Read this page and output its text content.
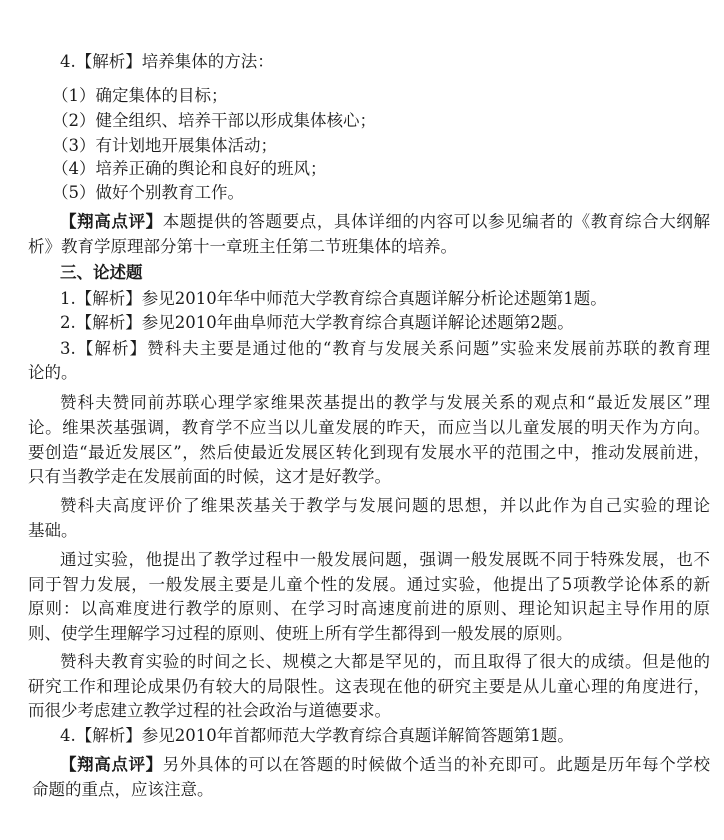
4.【解析】培养集体的方法：
（1）确定集体的目标；
（2）健全组织、培养干部以形成集体核心；
（3）有计划地开展集体活动；
（4）培养正确的舆论和良好的班风；
（5）做好个别教育工作。
【翔高点评】本题提供的答题要点，具体详细的内容可以参见编者的《教育综合大纲解
析》教育学原理部分第十一章班主任第二节班集体的培养。
三、论述题
1.【解析】参见2010年华中师范大学教育综合真题详解分析论述题第1题。
2.【解析】参见2010年曲阜师范大学教育综合真题详解论述题第2题。
3.【解析】赞科夫主要是通过他的“教育与发展关系问题”实验来发展前苏联的教育理
论的。
赞科夫赞同前苏联心理学家维果茨基提出的教学与发展关系的观点和“最近发展区”理
论。维果茨基强调，教育学不应当以儿童发展的昨天，而应当以儿童发展的明天作为方向。
要创造“最近发展区”，然后使最近发展区转化到现有发展水平的范围之中，推动发展前进，
只有当教学走在发展前面的时候，这才是好教学。
赞科夫高度评价了维果茨基关于教学与发展问题的思想，并以此作为自己实验的理论
基础。
通过实验，他提出了教学过程中一般发展问题，强调一般发展既不同于特殊发展，也不
同于智力发展，一般发展主要是儿童个性的发展。通过实验，他提出了5项教学论体系的新
原则：以高难度进行教学的原则、在学习时高速度前进的原则、理论知识起主导作用的原
则、使学生理解学习过程的原则、使班上所有学生都得到一般发展的原则。
赞科夫教育实验的时间之长、规模之大都是罕见的，而且取得了很大的成绩。但是他的
研究工作和理论成果仍有较大的局限性。这表现在他的研究主要是从儿童心理的角度进行，
而很少考虑建立教学过程的社会政治与道德要求。
4.【解析】参见2010年首都师范大学教育综合真题详解简答题第1题。
【翔高点评】另外具体的可以在答题的时候做个适当的补充即可。此题是历年每个学校
命题的重点，应该注意。
